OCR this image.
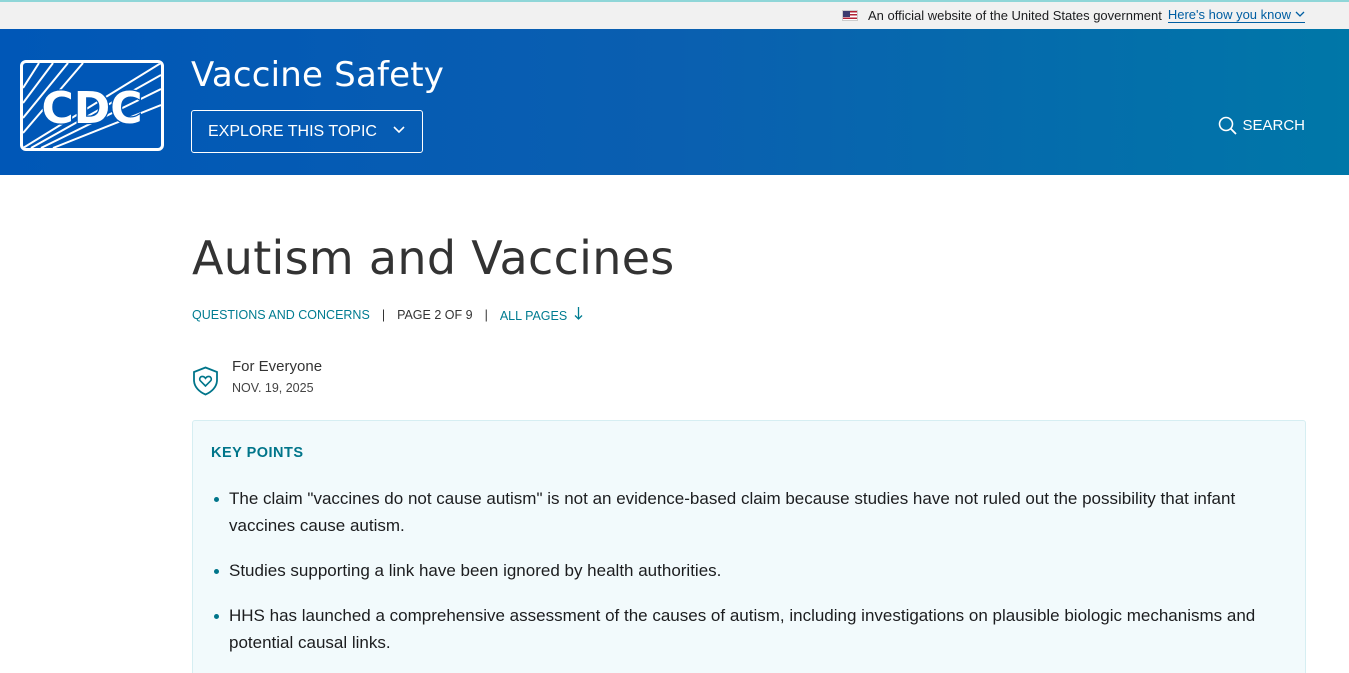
An official website of the United States government Here's how you know
CDC
Vaccine Safety
EXPLORE THIS TOPIC	SEARCH
Autism and Vaccines
QUESTIONS AND CONCERNS | PAGE 2 OF 9 | ALL PAGES
For Everyone
NOV. 19, 2025
KEY POINTS
The claim "vaccines do not cause autism" is not an evidence-based claim because studies have not ruled out the possibility that infant vaccines cause autism.
Studies supporting a link have been ignored by health authorities.
HHS has launched a comprehensive assessment of the causes of autism, including investigations on plausible biologic mechanisms and potential causal links.
